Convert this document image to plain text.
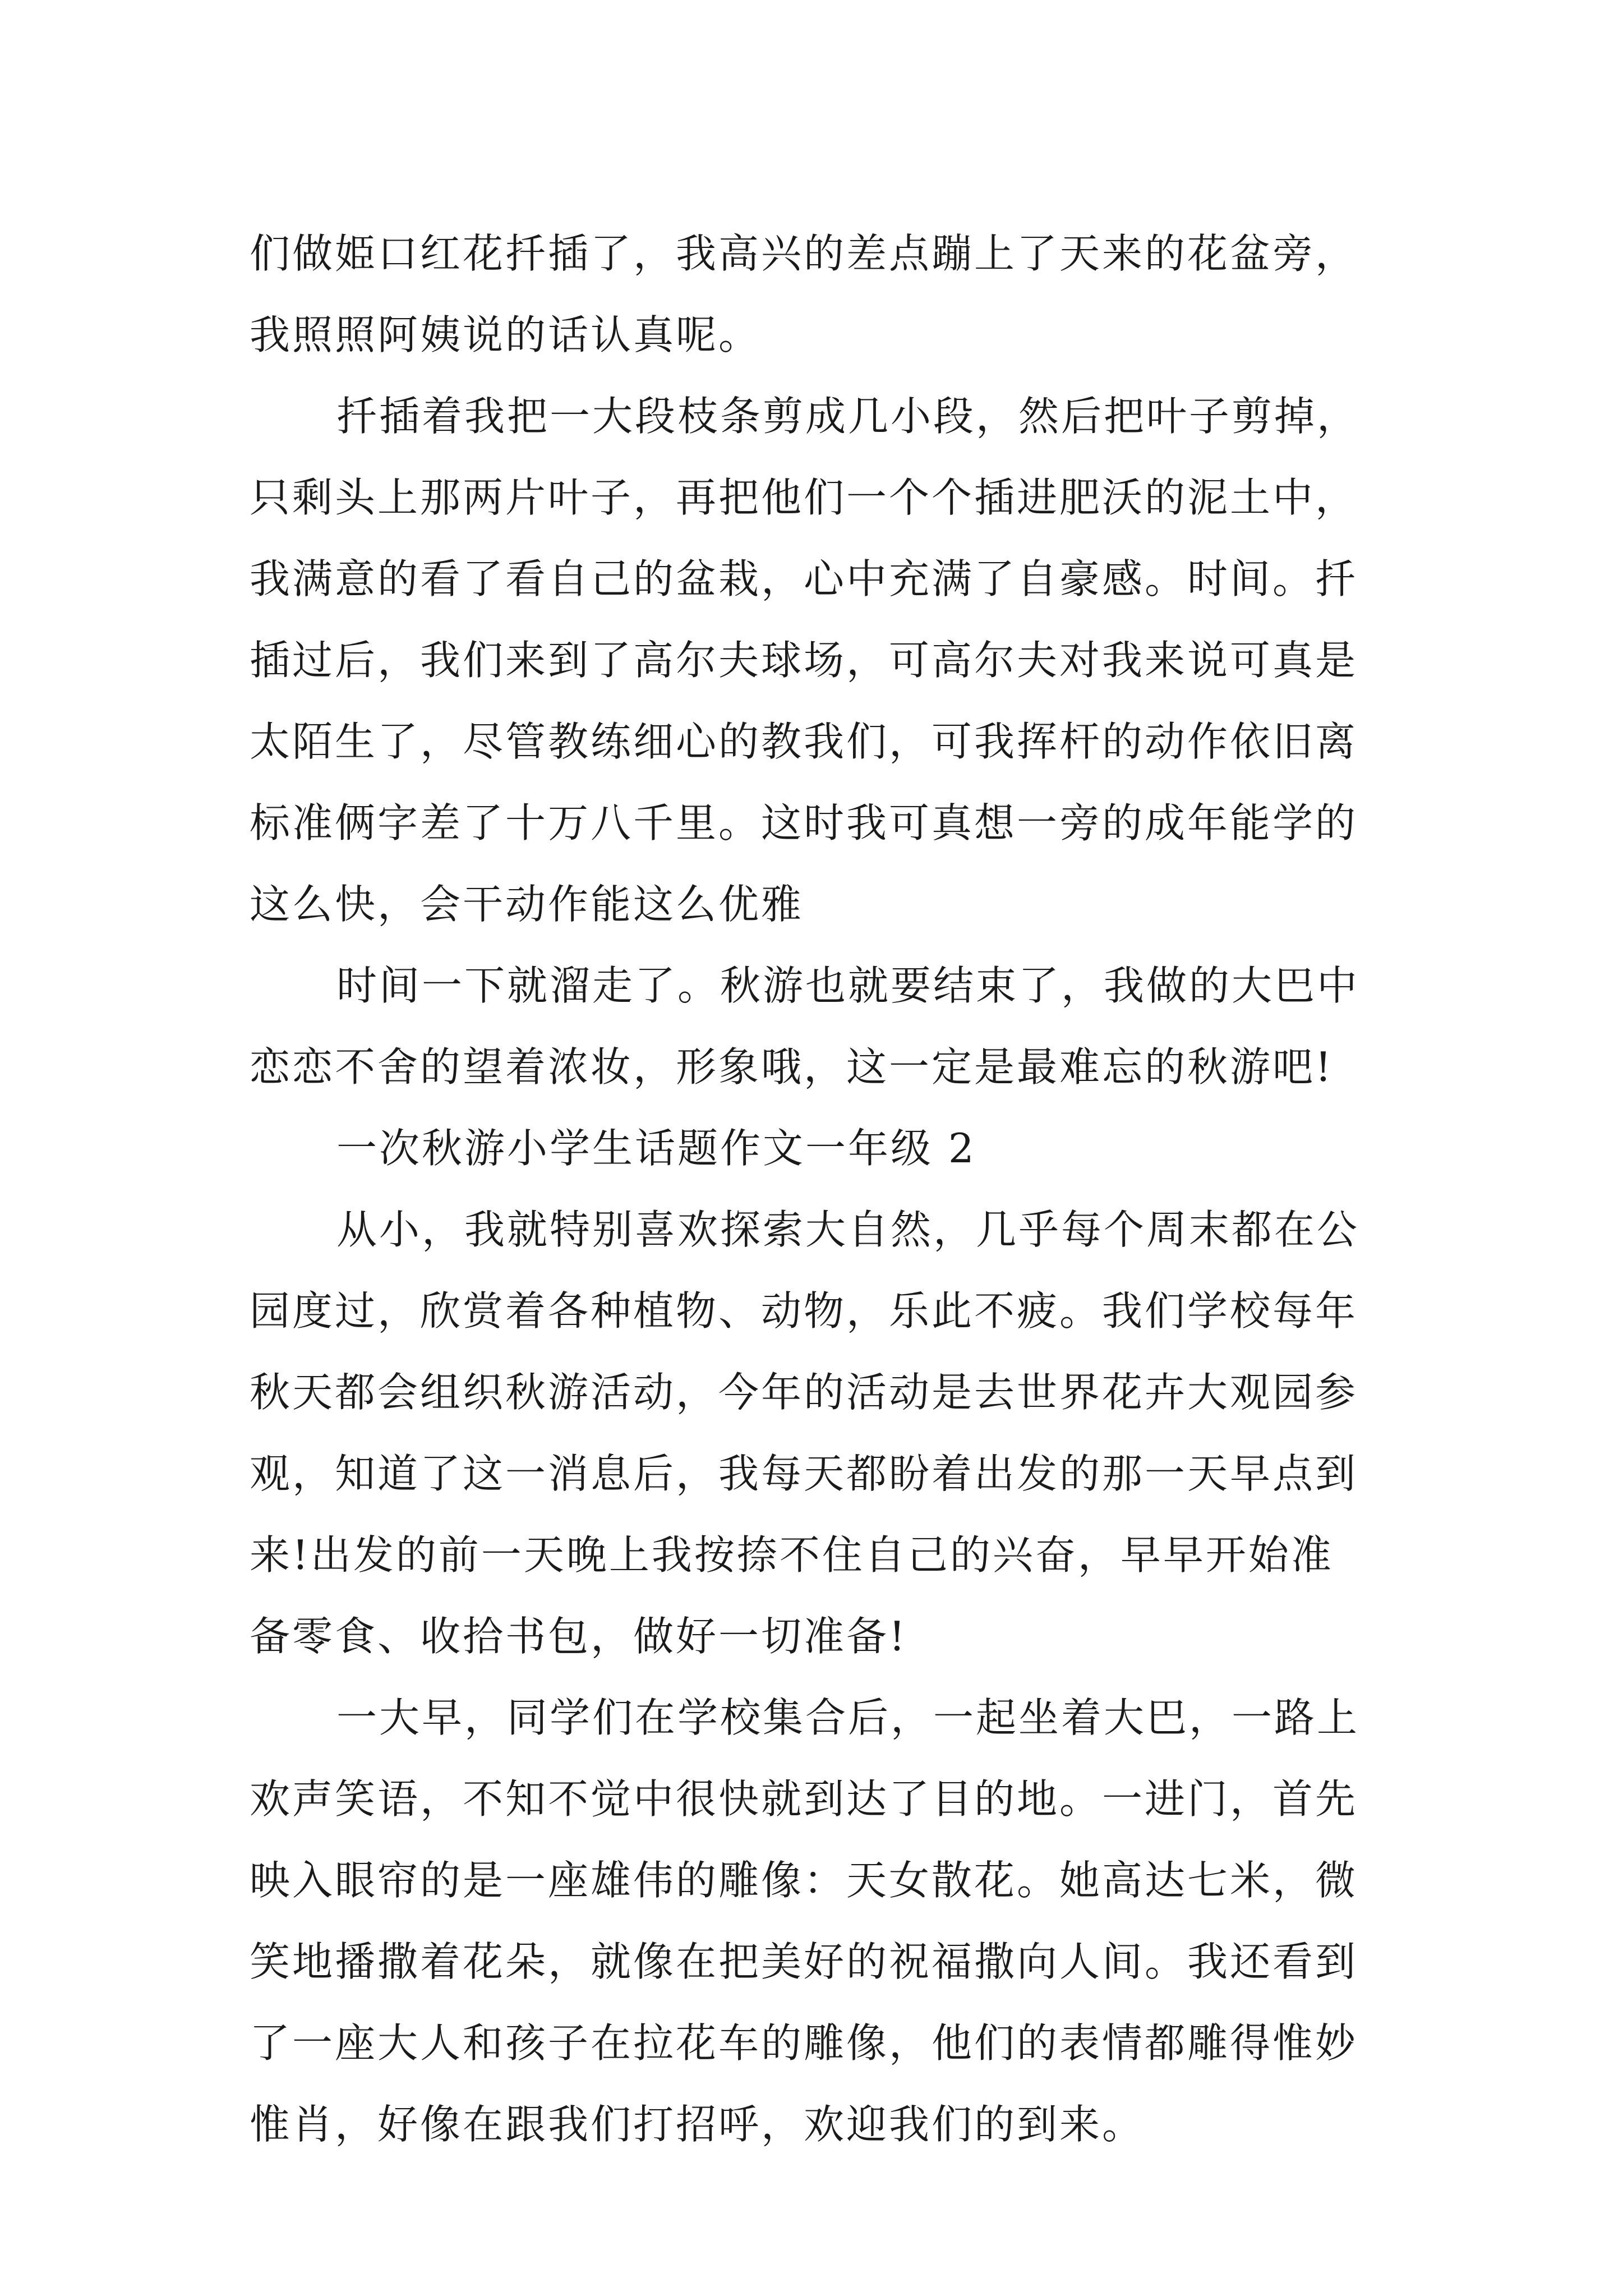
们做姫口红花扦插了，我高兴的差点蹦上了天来的花盆旁，
我照照阿姨说的话认真呢。
扦插着我把一大段枝条剪成几小段，然后把叶子剪掉，
只剩头上那两片叶子，再把他们一个个插进肥沃的泥土中，
我满意的看了看自己的盆栽，心中充满了自豪感。时间。扦
插过后，我们来到了高尔夫球场，可高尔夫对我来说可真是
太陌生了，尽管教练细心的教我们，可我挥杆的动作依旧离
标准俩字差了十万八千里。这时我可真想一旁的成年能学的
这么快，会干动作能这么优雅
时间一下就溜走了。秋游也就要结束了，我做的大巴中
恋恋不舍的望着浓妆，形象哦，这一定是最难忘的秋游吧!
一次秋游小学生话题作文一年级 2
从小，我就特别喜欢探索大自然，几乎每个周末都在公
园度过，欣赏着各种植物、动物，乐此不疲。我们学校每年
秋天都会组织秋游活动，今年的活动是去世界花卉大观园参
观，知道了这一消息后，我每天都盼着出发的那一天早点到
来!出发的前一天晚上我按捺不住自己的兴奋，早早开始准
备零食、收拾书包，做好一切准备!
一大早，同学们在学校集合后，一起坐着大巴，一路上
欢声笑语，不知不觉中很快就到达了目的地。一进门，首先
映入眼帘的是一座雄伟的雕像：天女散花。她高达七米，微
笑地播撒着花朵，就像在把美好的祝福撒向人间。我还看到
了一座大人和孩子在拉花车的雕像，他们的表情都雕得惟妙
惟肖，好像在跟我们打招呼，欢迎我们的到来。
